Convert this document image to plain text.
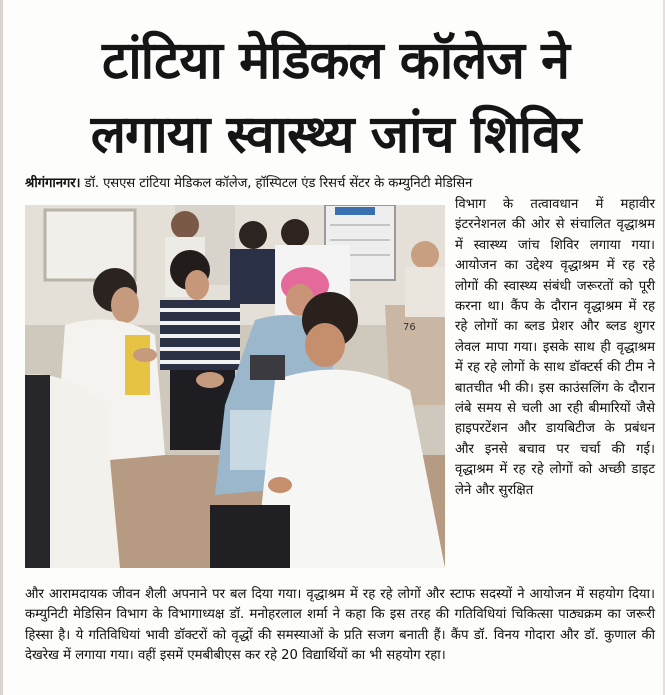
टांटिया मेडिकल कॉलेज ने
लगाया स्वास्थ्य जांच शिविर
श्रीगंगानगर। डॉ. एसएस टांटिया मेडिकल कॉलेज, हॉस्पिटल एंड रिसर्च सेंटर के कम्युनिटी मेडिसिन
76
विभाग के तत्वावधान में महावीर इंटरनेशनल की ओर से संचालित वृद्धाश्रम में स्वास्थ्य जांच शिविर लगाया गया। आयोजन का उद्देश्य वृद्धाश्रम में रह रहे लोगों की स्वास्थ्य संबंधी जरूरतों को पूरी करना था। कैंप के दौरान वृद्धाश्रम में रह रहे लोगों का ब्लड प्रेशर और ब्लड शुगर लेवल मापा गया। इसके साथ ही वृद्धाश्रम में रह रहे लोगों के साथ डॉक्टर्स की टीम ने बातचीत भी की। इस काउंसलिंग के दौरान लंबे समय से चली आ रही बीमारियों जैसे हाइपरटेंशन और डायबिटीज के प्रबंधन और इनसे बचाव पर चर्चा की गई। वृद्धाश्रम में रह रहे लोगों को अच्छी डाइट लेने और सुरक्षित
और आरामदायक जीवन शैली अपनाने पर बल दिया गया। वृद्धाश्रम में रह रहे लोगों और स्टाफ सदस्यों ने आयोजन में सहयोग दिया। कम्युनिटी मेडिसिन विभाग के विभागाध्यक्ष डॉ. मनोहरलाल शर्मा ने कहा कि इस तरह की गतिविधियां चिकित्सा पाठ्यक्रम का जरूरी हिस्सा है। ये गतिविधियां भावी डॉक्टरों को वृद्धों की समस्याओं के प्रति सजग बनाती हैं। कैंप डॉ. विनय गोदारा और डॉ. कुणाल की देखरेख में लगाया गया। वहीं इसमें एमबीबीएस कर रहे 20 विद्यार्थियों का भी सहयोग रहा।
